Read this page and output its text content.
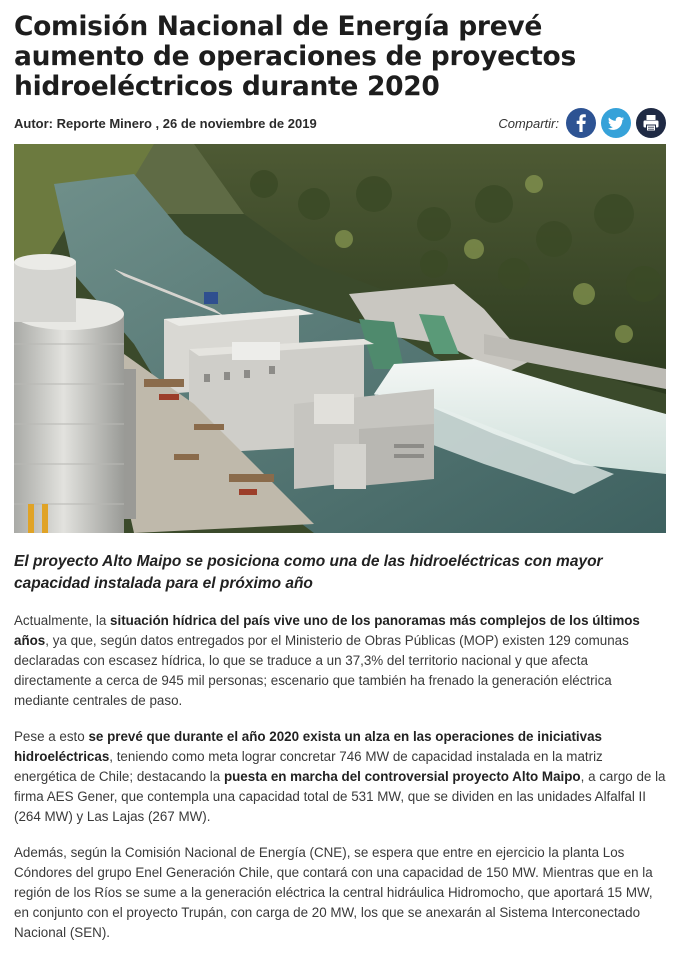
Comisión Nacional de Energía prevé aumento de operaciones de proyectos hidroeléctricos durante 2020
Autor: Reporte Minero , 26 de noviembre de 2019	Compartir:

El proyecto Alto Maipo se posiciona como una de las hidroeléctricas con mayor capacidad instalada para el próximo año

Actualmente, la situación hídrica del país vive uno de los panoramas más complejos de los últimos años, ya que, según datos entregados por el Ministerio de Obras Públicas (MOP) existen 129 comunas declaradas con escasez hídrica, lo que se traduce a un 37,3% del territorio nacional y que afecta directamente a cerca de 945 mil personas; escenario que también ha frenado la generación eléctrica mediante centrales de paso.

Pese a esto se prevé que durante el año 2020 exista un alza en las operaciones de iniciativas hidroeléctricas, teniendo como meta lograr concretar 746 MW de capacidad instalada en la matriz energética de Chile; destacando la puesta en marcha del controversial proyecto Alto Maipo, a cargo de la firma AES Gener, que contempla una capacidad total de 531 MW, que se dividen en las unidades Alfalfal II (264 MW) y Las Lajas (267 MW).

Además, según la Comisión Nacional de Energía (CNE), se espera que entre en ejercicio la planta Los Cóndores del grupo Enel Generación Chile, que contará con una capacidad de 150 MW. Mientras que en la región de los Ríos se sume a la generación eléctrica la central hidráulica Hidromocho, que aportará 15 MW, en conjunto con el proyecto Trupán, con carga de 20 MW, los que se anexarán al Sistema Interconectado Nacional (SEN).
